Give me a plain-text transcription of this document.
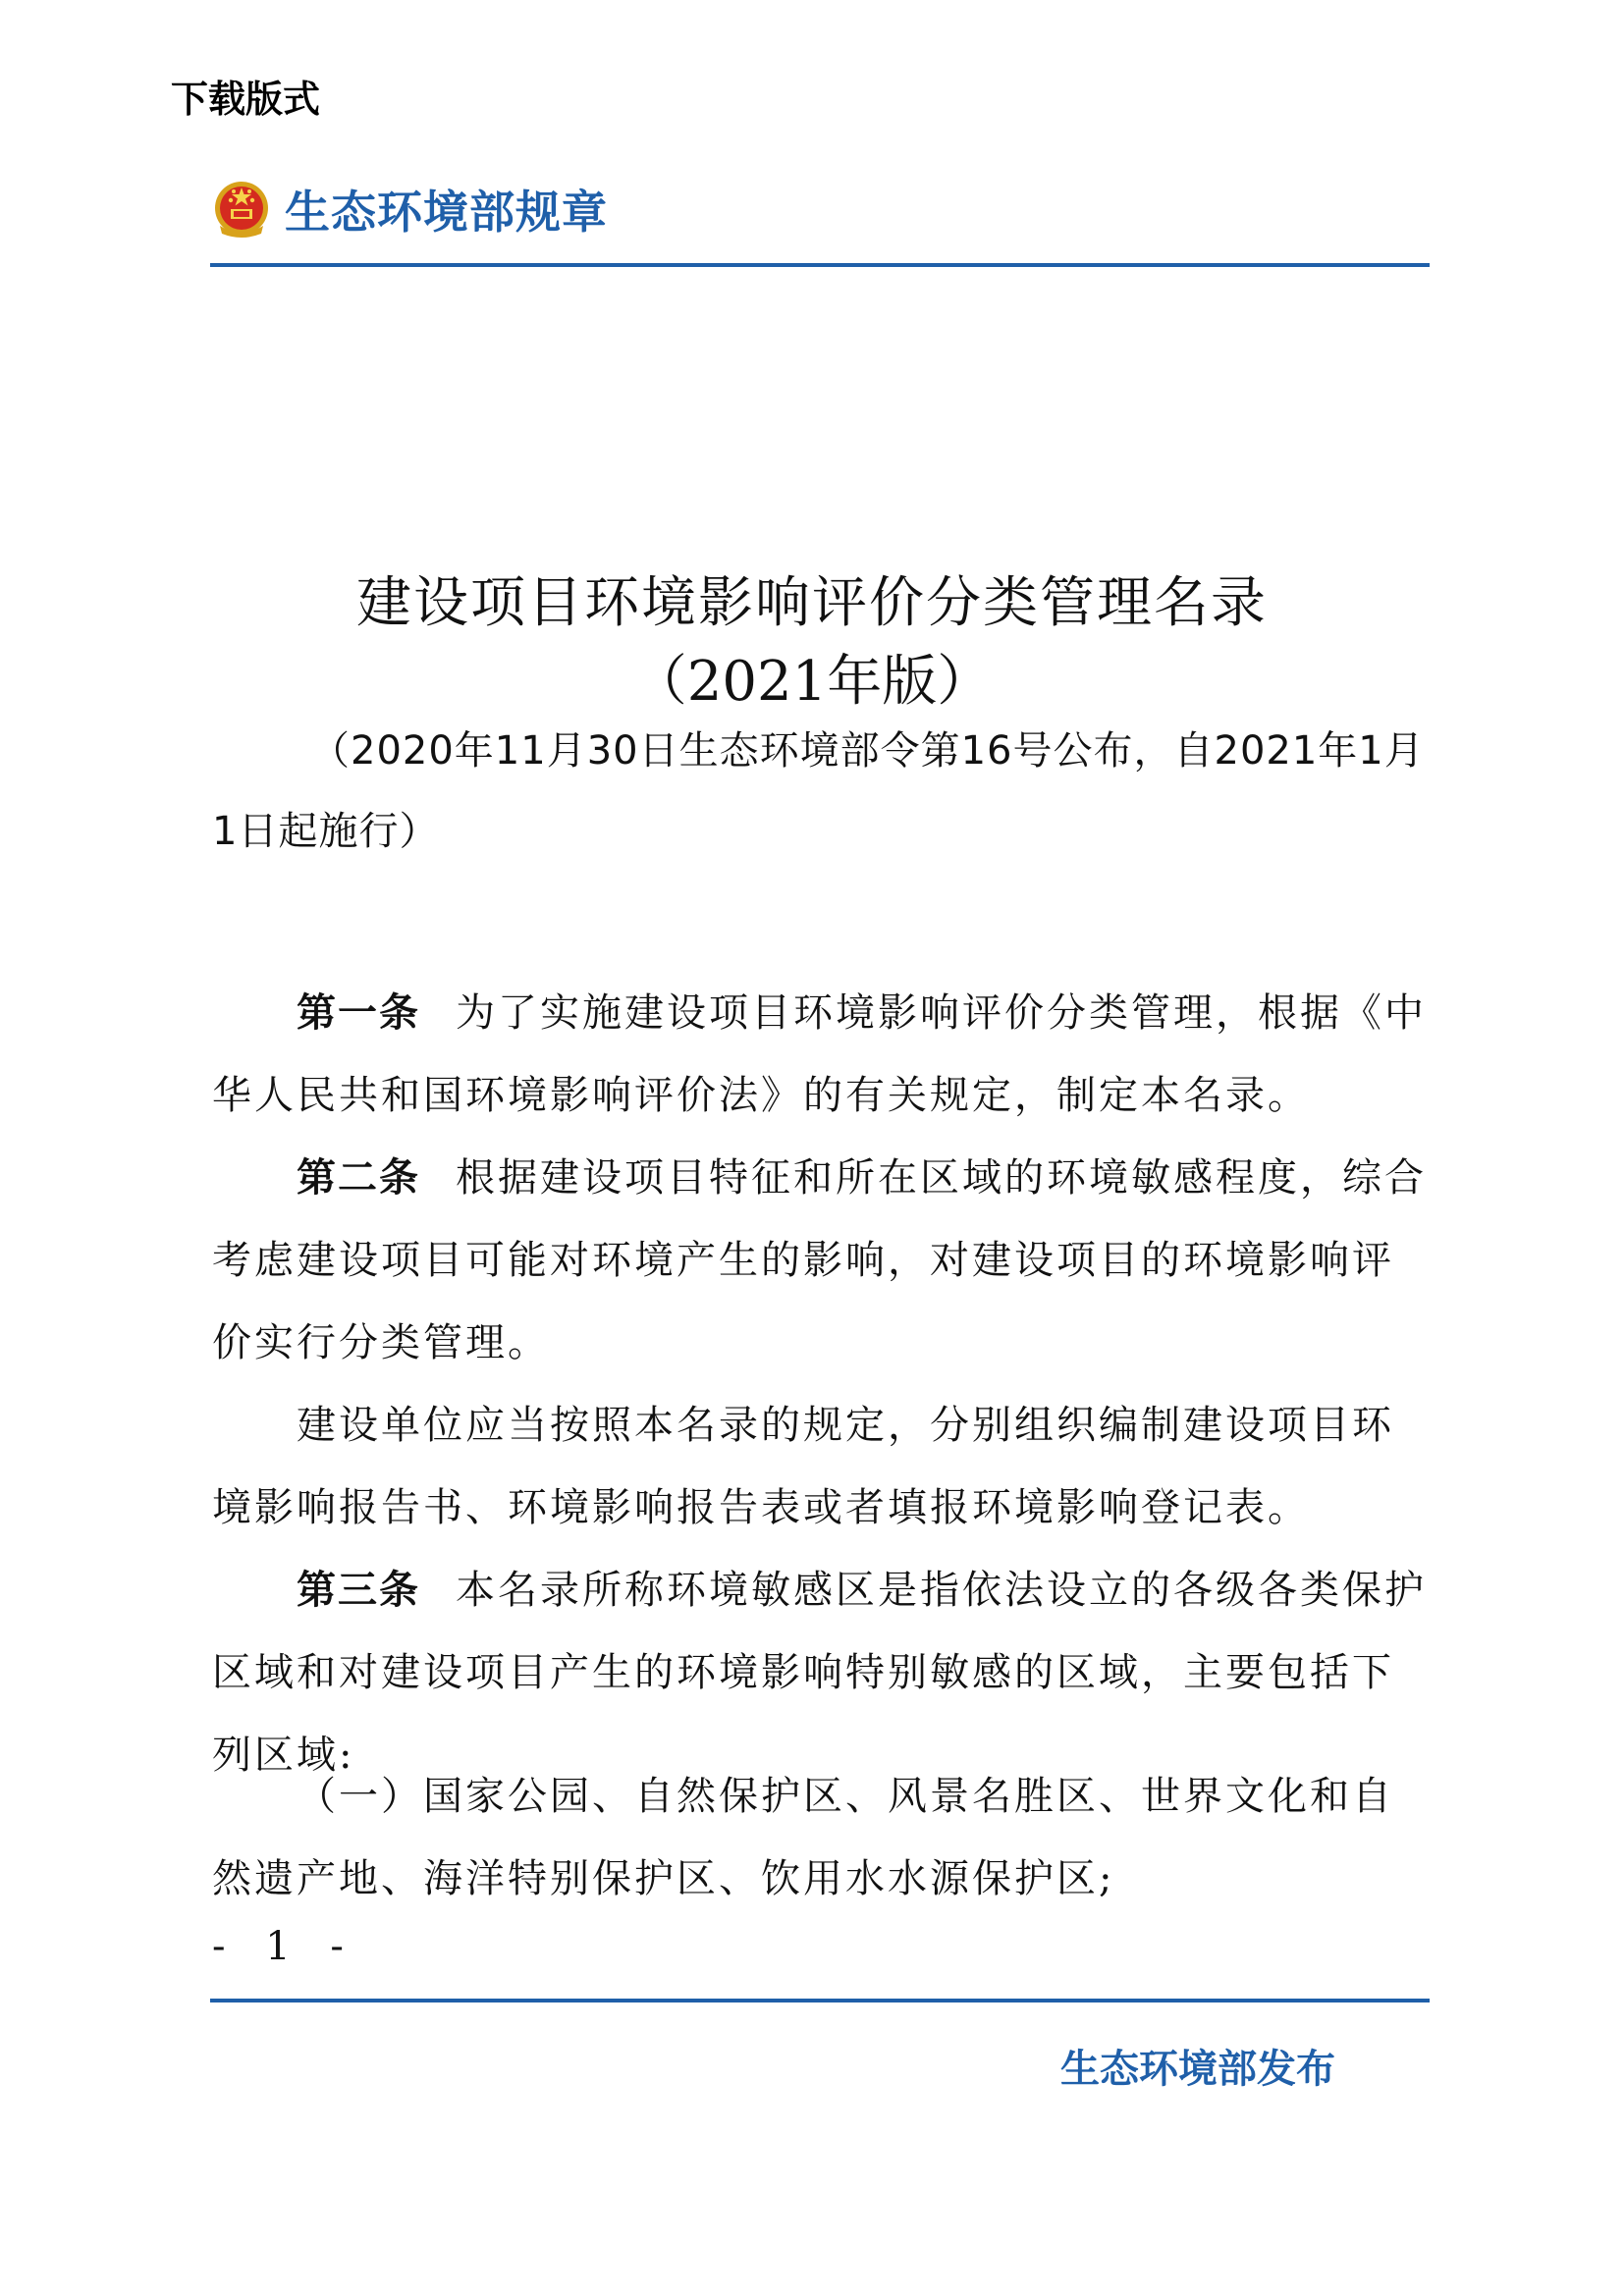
下载版式
生态环境部规章
建设项目环境影响评价分类管理名录
（2021年版）
（2020年11月30日生态环境部令第16号公布，自2021年1月1日起施行）

第一条 为了实施建设项目环境影响评价分类管理，根据《中华人民共和国环境影响评价法》的有关规定，制定本名录。

第二条 根据建设项目特征和所在区域的环境敏感程度，综合考虑建设项目可能对环境产生的影响，对建设项目的环境影响评价实行分类管理。

建设单位应当按照本名录的规定，分别组织编制建设项目环境影响报告书、环境影响报告表或者填报环境影响登记表。

第三条 本名录所称环境敏感区是指依法设立的各级各类保护区域和对建设项目产生的环境影响特别敏感的区域，主要包括下列区域:

（一）国家公园、自然保护区、风景名胜区、世界文化和自然遗产地、海洋特别保护区、饮用水水源保护区;

- 1 -
生态环境部发布
